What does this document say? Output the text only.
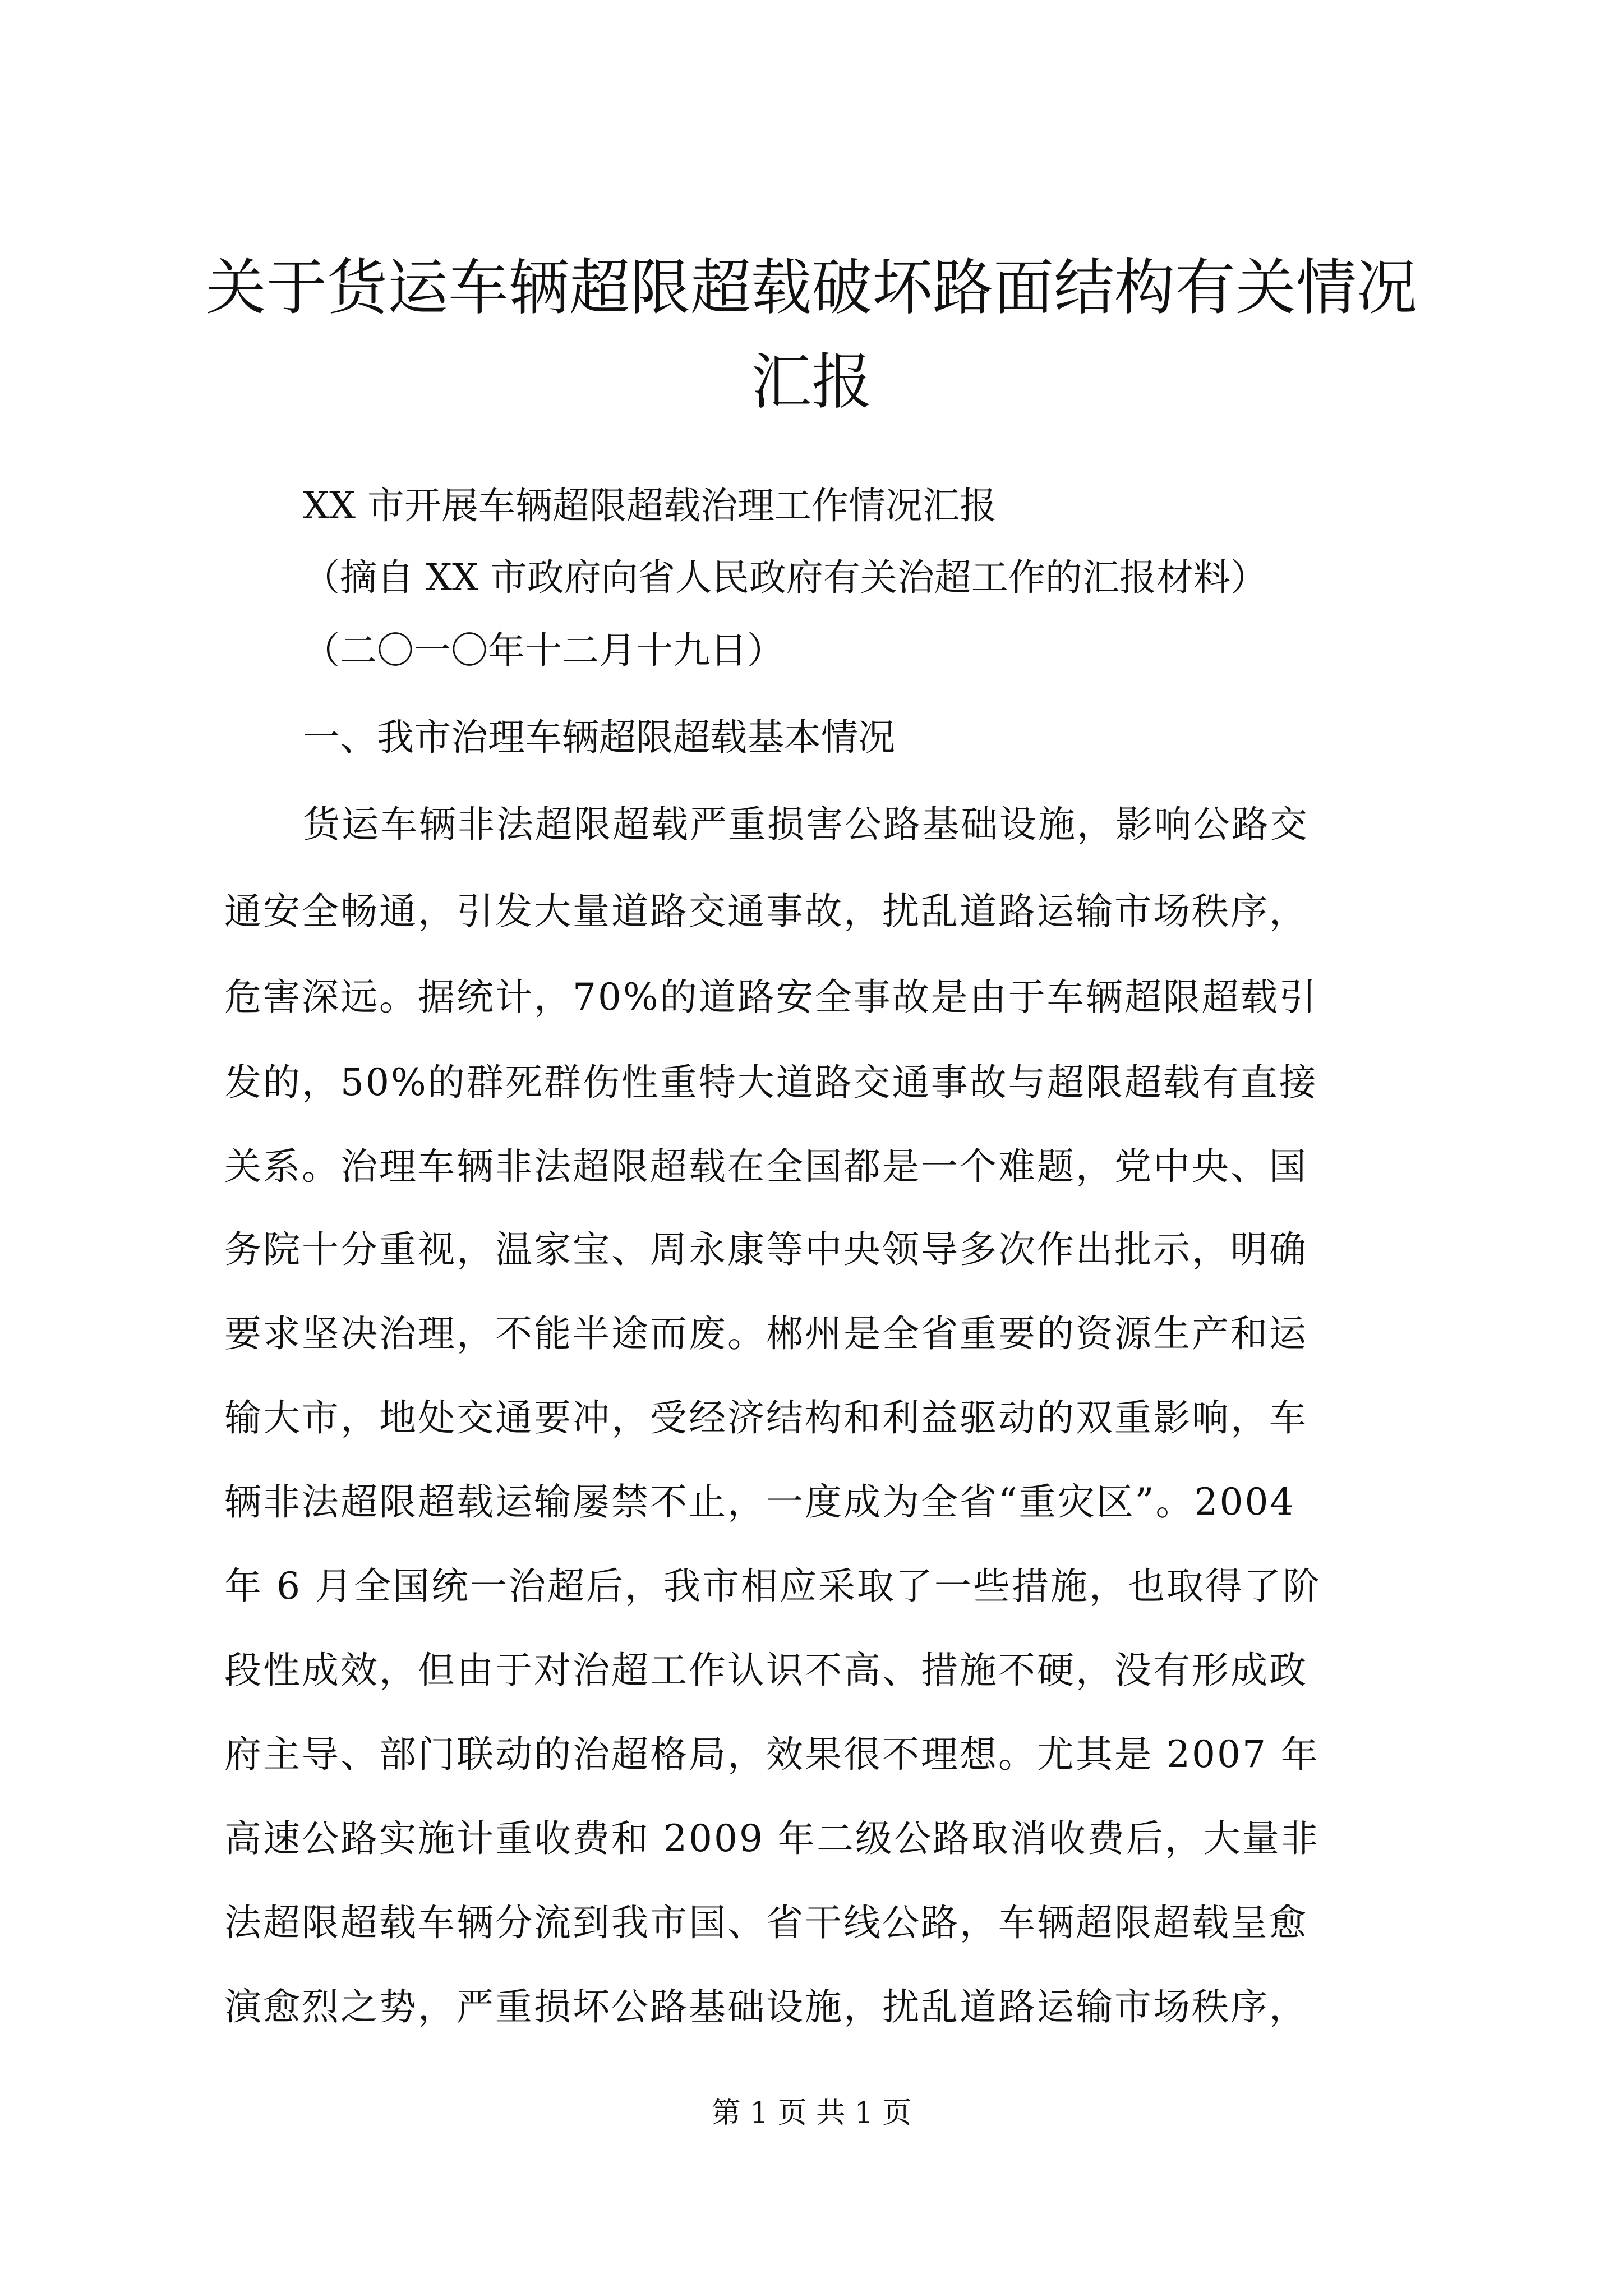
关于货运车辆超限超载破坏路面结构有关情况
汇报
XX 市开展车辆超限超载治理工作情况汇报
（摘自 XX 市政府向省人民政府有关治超工作的汇报材料）
（二〇一〇年十二月十九日）
一、我市治理车辆超限超载基本情况
货运车辆非法超限超载严重损害公路基础设施，影响公路交
通安全畅通，引发大量道路交通事故，扰乱道路运输市场秩序，
危害深远。据统计，70%的道路安全事故是由于车辆超限超载引
发的，50%的群死群伤性重特大道路交通事故与超限超载有直接
关系。治理车辆非法超限超载在全国都是一个难题，党中央、国
务院十分重视，温家宝、周永康等中央领导多次作出批示，明确
要求坚决治理，不能半途而废。郴州是全省重要的资源生产和运
输大市，地处交通要冲，受经济结构和利益驱动的双重影响，车
辆非法超限超载运输屡禁不止，一度成为全省“重灾区”。2004
年 6 月全国统一治超后，我市相应采取了一些措施，也取得了阶
段性成效，但由于对治超工作认识不高、措施不硬，没有形成政
府主导、部门联动的治超格局，效果很不理想。尤其是 2007 年
高速公路实施计重收费和 2009 年二级公路取消收费后，大量非
法超限超载车辆分流到我市国、省干线公路，车辆超限超载呈愈
演愈烈之势，严重损坏公路基础设施，扰乱道路运输市场秩序，
第 1 页 共 1 页
